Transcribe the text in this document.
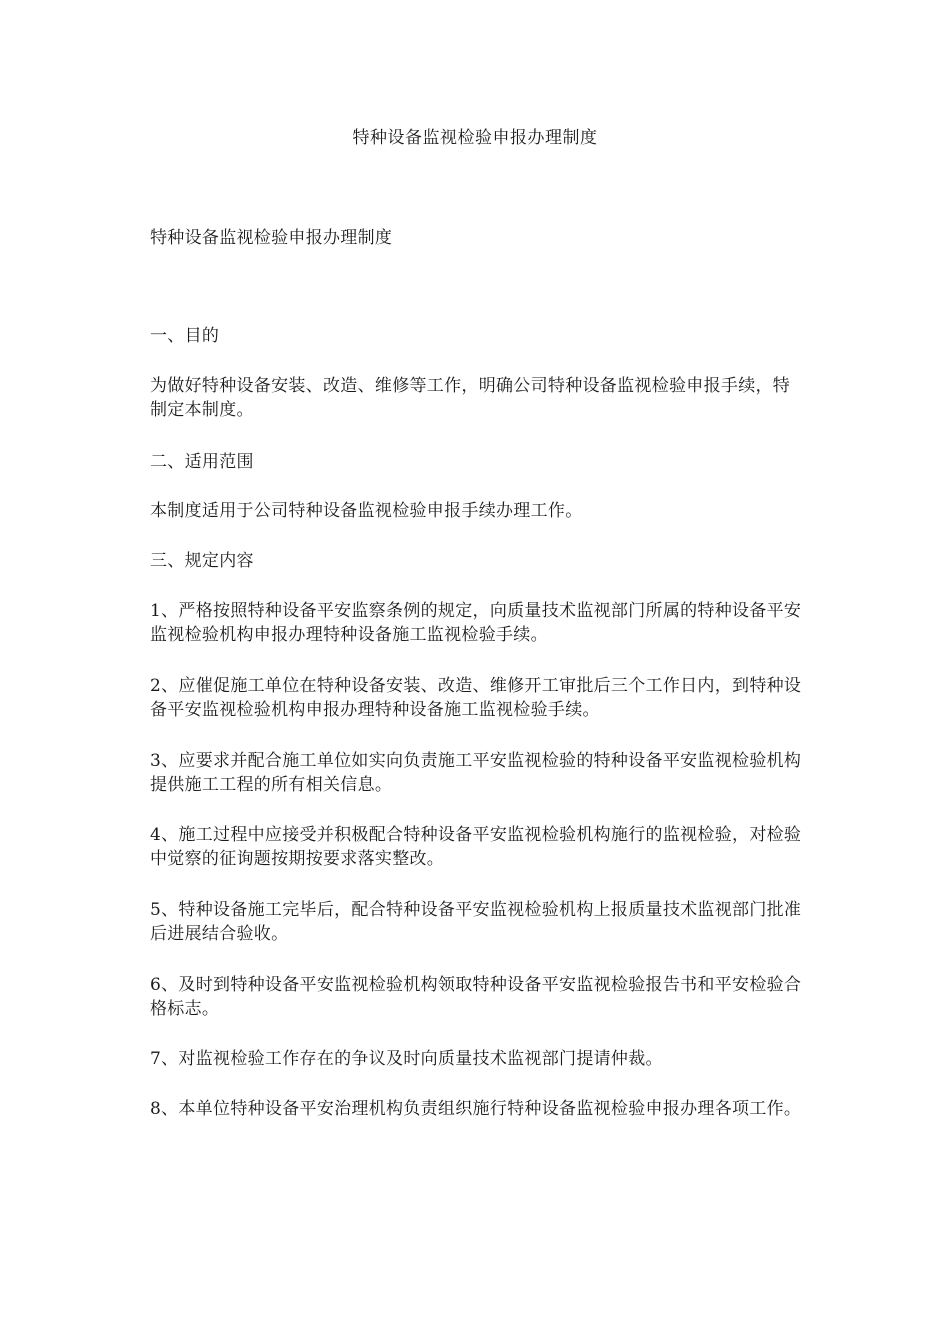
特种设备监视检验申报办理制度

特种设备监视检验申报办理制度

一、目的

为做好特种设备安装、改造、维修等工作，明确公司特种设备监视检验申报手续，特制定本制度。

二、适用范围

本制度适用于公司特种设备监视检验申报手续办理工作。

三、规定内容

1、严格按照特种设备平安监察条例的规定，向质量技术监视部门所属的特种设备平安监视检验机构申报办理特种设备施工监视检验手续。

2、应催促施工单位在特种设备安装、改造、维修开工审批后三个工作日内，到特种设备平安监视检验机构申报办理特种设备施工监视检验手续。

3、应要求并配合施工单位如实向负责施工平安监视检验的特种设备平安监视检验机构提供施工工程的所有相关信息。

4、施工过程中应接受并积极配合特种设备平安监视检验机构施行的监视检验，对检验中觉察的征询题按期按要求落实整改。

5、特种设备施工完毕后，配合特种设备平安监视检验机构上报质量技术监视部门批准后进展结合验收。

6、及时到特种设备平安监视检验机构领取特种设备平安监视检验报告书和平安检验合格标志。

7、对监视检验工作存在的争议及时向质量技术监视部门提请仲裁。

8、本单位特种设备平安治理机构负责组织施行特种设备监视检验申报办理各项工作。
